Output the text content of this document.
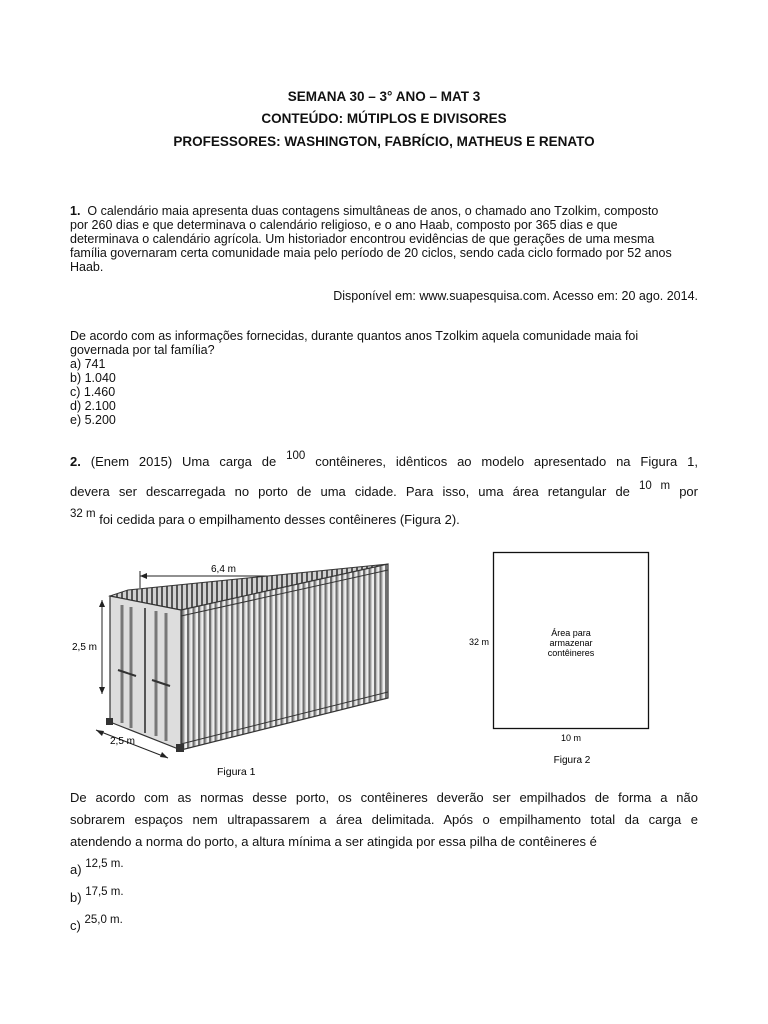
SEMANA 30 – 3° ANO – MAT 3
CONTEÚDO: MÚTIPLOS E DIVISORES
PROFESSORES: WASHINGTON, FABRÍCIO, MATHEUS E RENATO
1. O calendário maia apresenta duas contagens simultâneas de anos, o chamado ano Tzolkim, composto
por 260 dias e que determinava o calendário religioso, e o ano Haab, composto por 365 dias e que
determinava o calendário agrícola. Um historiador encontrou evidências de que gerações de uma mesma
família governaram certa comunidade maia pelo período de 20 ciclos, sendo cada ciclo formado por 52 anos
Haab.
Disponível em: www.suapesquisa.com. Acesso em: 20 ago. 2014.
De acordo com as informações fornecidas, durante quantos anos Tzolkim aquela comunidade maia foi
governada por tal família?
a) 741
b) 1.040
c) 1.460
d) 2.100
e) 5.200
2. (Enem 2015) Uma carga de 100 contêineres, idênticos ao modelo apresentado na Figura 1,
devera ser descarregada no porto de uma cidade. Para isso, uma área retangular de 10 m por
32 m foi cedida para o empilhamento desses contêineres (Figura 2).
6,4 m
2,5 m
2,5 m
Figura 1
32 m
Área para
armazenar
contêineres
10 m
Figura 2
De acordo com as normas desse porto, os contêineres deverão ser empilhados de forma a não
sobrarem espaços nem ultrapassarem a área delimitada. Após o empilhamento total da carga e
atendendo a norma do porto, a altura mínima a ser atingida por essa pilha de contêineres é
a) 12,5 m.
b) 17,5 m.
c) 25,0 m.
